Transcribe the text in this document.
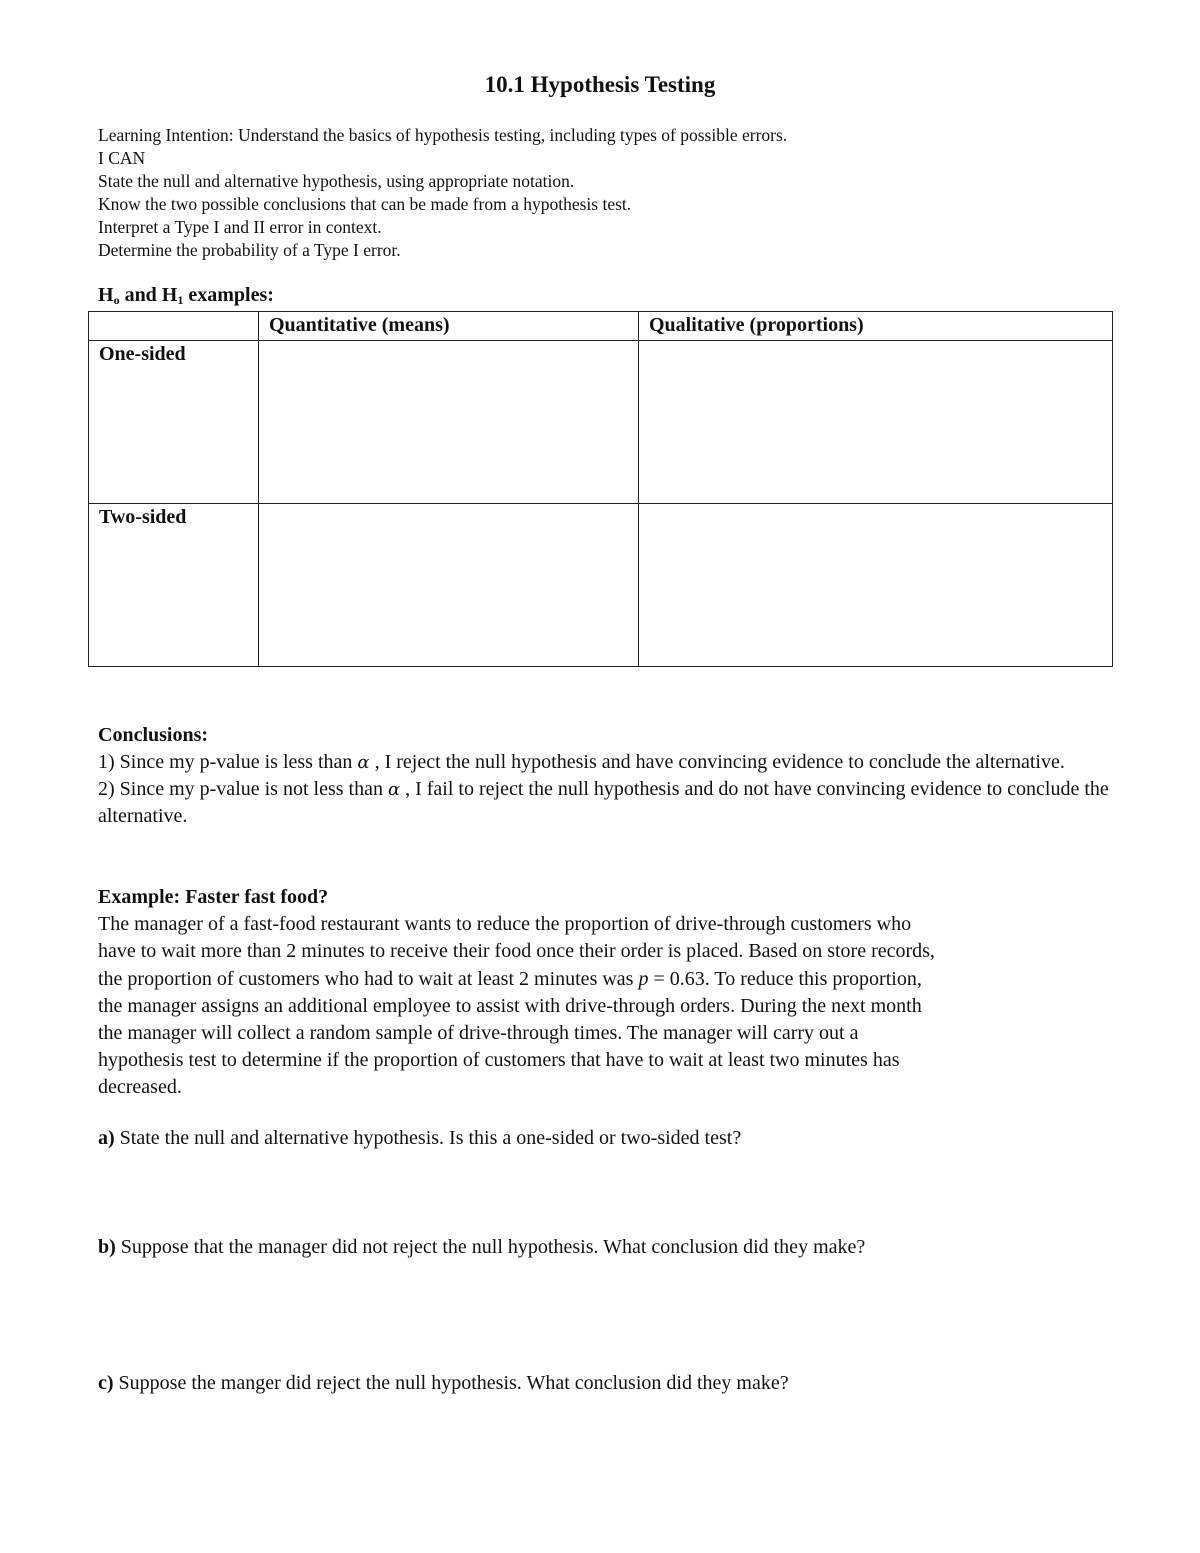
10.1 Hypothesis Testing
Learning Intention: Understand the basics of hypothesis testing, including types of possible errors.
I CAN
State the null and alternative hypothesis, using appropriate notation.
Know the two possible conclusions that can be made from a hypothesis test.
Interpret a Type I and II error in context.
Determine the probability of a Type I error.
$H_o$ and $H_1$ examples:
	Quantitative (means)	Qualitative (proportions)
One-sided		
Two-sided		
Conclusions:
1) Since my p-value is less than α , I reject the null hypothesis and have convincing evidence to conclude the alternative.
2) Since my p-value is not less than α , I fail to reject the null hypothesis and do not have convincing evidence to conclude the alternative.
Example: Faster fast food?
The manager of a fast-food restaurant wants to reduce the proportion of drive-through customers who
have to wait more than 2 minutes to receive their food once their order is placed. Based on store records,
the proportion of customers who had to wait at least 2 minutes was p = 0.63. To reduce this proportion,
the manager assigns an additional employee to assist with drive-through orders. During the next month
the manager will collect a random sample of drive-through times. The manager will carry out a
hypothesis test to determine if the proportion of customers that have to wait at least two minutes has
decreased.
a) State the null and alternative hypothesis. Is this a one-sided or two-sided test?
b) Suppose that the manager did not reject the null hypothesis. What conclusion did they make?
c) Suppose the manger did reject the null hypothesis. What conclusion did they make?
